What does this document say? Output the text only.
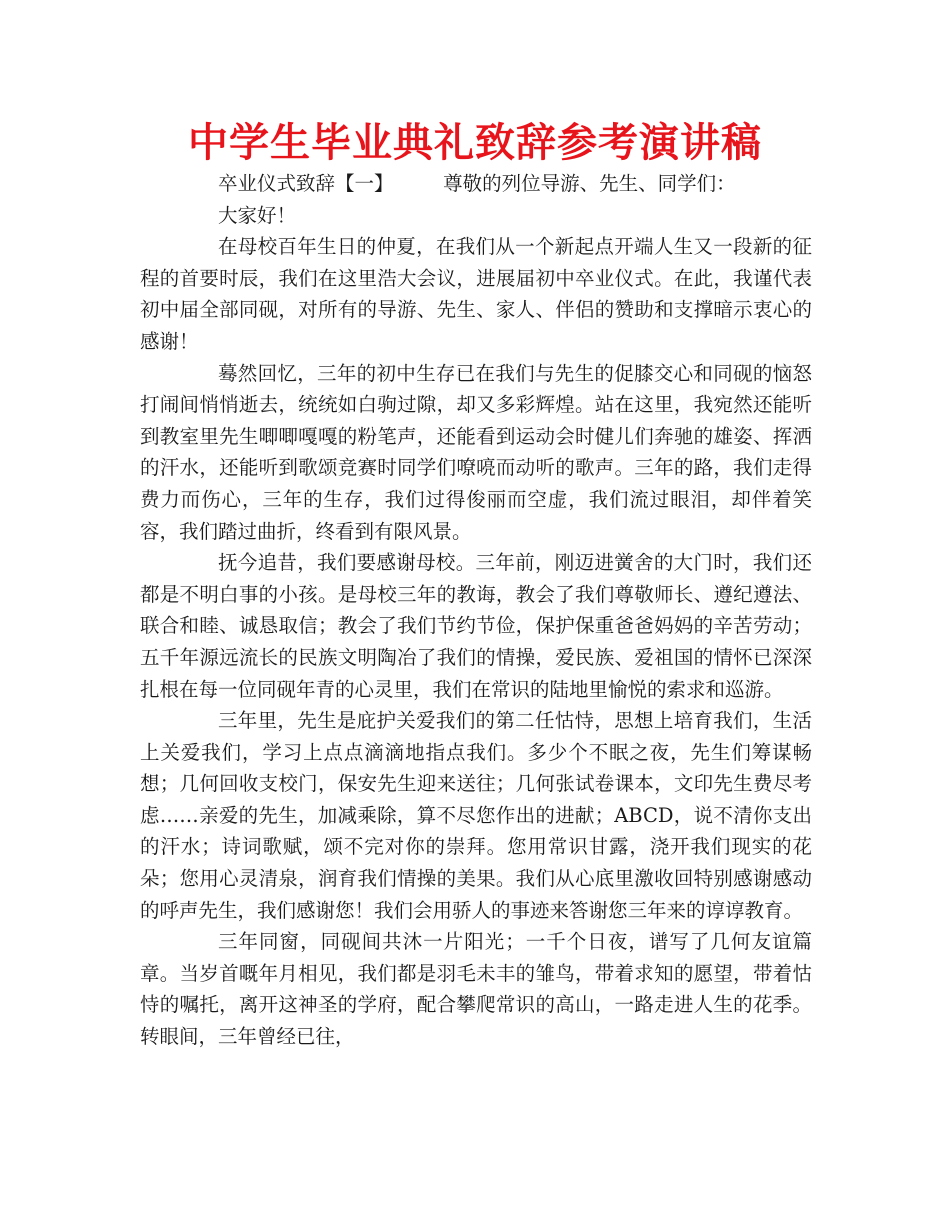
中学生毕业典礼致辞参考演讲稿

卒业仪式致辞【一】        尊敬的列位导游、先生、同学们：

大家好！

在母校百年生日的仲夏，在我们从一个新起点开端人生又一段新的征程的首要时辰，我们在这里浩大会议，进展届初中卒业仪式。在此，我谨代表初中届全部同砚，对所有的导游、先生、家人、伴侣的赞助和支撑暗示衷心的感谢！

蓦然回忆，三年的初中生存已在我们与先生的促膝交心和同砚的恼怒打闹间悄悄逝去，统统如白驹过隙，却又多彩辉煌。站在这里，我宛然还能听到教室里先生唧唧嘎嘎的粉笔声，还能看到运动会时健儿们奔驰的雄姿、挥洒的汗水，还能听到歌颂竞赛时同学们嘹喨而动听的歌声。三年的路，我们走得费力而伤心，三年的生存，我们过得俊丽而空虚，我们流过眼泪，却伴着笑容，我们踏过曲折，终看到有限风景。

抚今追昔，我们要感谢母校。三年前，刚迈进黉舍的大门时，我们还都是不明白事的小孩。是母校三年的教诲，教会了我们尊敬师长、遵纪遵法、联合和睦、诚恳取信；教会了我们节约节俭，保护保重爸爸妈妈的辛苦劳动；五千年源远流长的民族文明陶冶了我们的情操，爱民族、爱祖国的情怀已深深扎根在每一位同砚年青的心灵里，我们在常识的陆地里愉悦的索求和巡游。

三年里，先生是庇护关爱我们的第二任怙恃，思想上培育我们，生活上关爱我们，学习上点点滴滴地指点我们。多少个不眠之夜，先生们筹谋畅想；几何回收支校门，保安先生迎来送往；几何张试卷课本，文印先生费尽考虑……亲爱的先生，加减乘除，算不尽您作出的进献；ABCD，说不清你支出的汗水；诗词歌赋，颂不完对你的崇拜。您用常识甘露，浇开我们现实的花朵；您用心灵清泉，润育我们情操的美果。我们从心底里激收回特别感谢感动的呼声先生，我们感谢您！我们会用骄人的事迹来答谢您三年来的谆谆教育。

三年同窗，同砚间共沐一片阳光；一千个日夜，谱写了几何友谊篇章。当岁首嘅年月相见，我们都是羽毛未丰的雏鸟，带着求知的愿望，带着怙恃的嘱托，离开这神圣的学府，配合攀爬常识的高山，一路走进人生的花季。转眼间，三年曾经已往，
